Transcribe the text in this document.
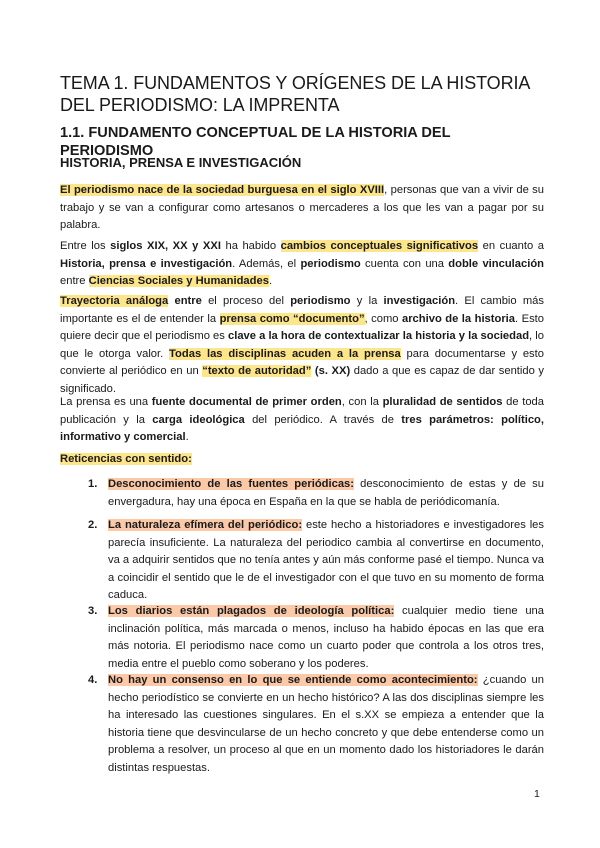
TEMA 1. FUNDAMENTOS Y ORÍGENES DE LA HISTORIA DEL PERIODISMO: LA IMPRENTA
1.1. FUNDAMENTO CONCEPTUAL DE LA HISTORIA DEL PERIODISMO
HISTORIA, PRENSA E INVESTIGACIÓN
El periodismo nace de la sociedad burguesa en el siglo XVIII, personas que van a vivir de su trabajo y se van a configurar como artesanos o mercaderes a los que les van a pagar por su palabra.
Entre los siglos XIX, XX y XXI ha habido cambios conceptuales significativos en cuanto a Historia, prensa e investigación. Además, el periodismo cuenta con una doble vinculación entre Ciencias Sociales y Humanidades.
Trayectoria análoga entre el proceso del periodismo y la investigación. El cambio más importante es el de entender la prensa como “documento”, como archivo de la historia. Esto quiere decir que el periodismo es clave a la hora de contextualizar la historia y la sociedad, lo que le otorga valor. Todas las disciplinas acuden a la prensa para documentarse y esto convierte al periódico en un “texto de autoridad” (s. XX) dado a que es capaz de dar sentido y significado.
La prensa es una fuente documental de primer orden, con la pluralidad de sentidos de toda publicación y la carga ideológica del periódico. A través de tres parámetros: político, informativo y comercial.
Reticencias con sentido:
1. Desconocimiento de las fuentes periódicas: desconocimiento de estas y de su envergadura, hay una época en España en la que se habla de periódicomanía.
2. La naturaleza efímera del periódico: este hecho a historiadores e investigadores les parecía insuficiente. La naturaleza del periodico cambia al convertirse en documento, va a adquirir sentidos que no tenía antes y aún más conforme pasé el tiempo. Nunca va a coincidir el sentido que le de el investigador con el que tuvo en su momento de forma caduca.
3. Los diarios están plagados de ideología política: cualquier medio tiene una inclinación política, más marcada o menos, incluso ha habido épocas en las que era más notoria. El periodismo nace como un cuarto poder que controla a los otros tres, media entre el pueblo como soberano y los poderes.
4. No hay un consenso en lo que se entiende como acontecimiento: ¿cuando un hecho periodístico se convierte en un hecho histórico? A las dos disciplinas siempre les ha interesado las cuestiones singulares. En el s.XX se empieza a entender que la historia tiene que desvincularse de un hecho concreto y que debe entenderse como un problema a resolver, un proceso al que en un momento dado los historiadores le darán distintas respuestas.
1
